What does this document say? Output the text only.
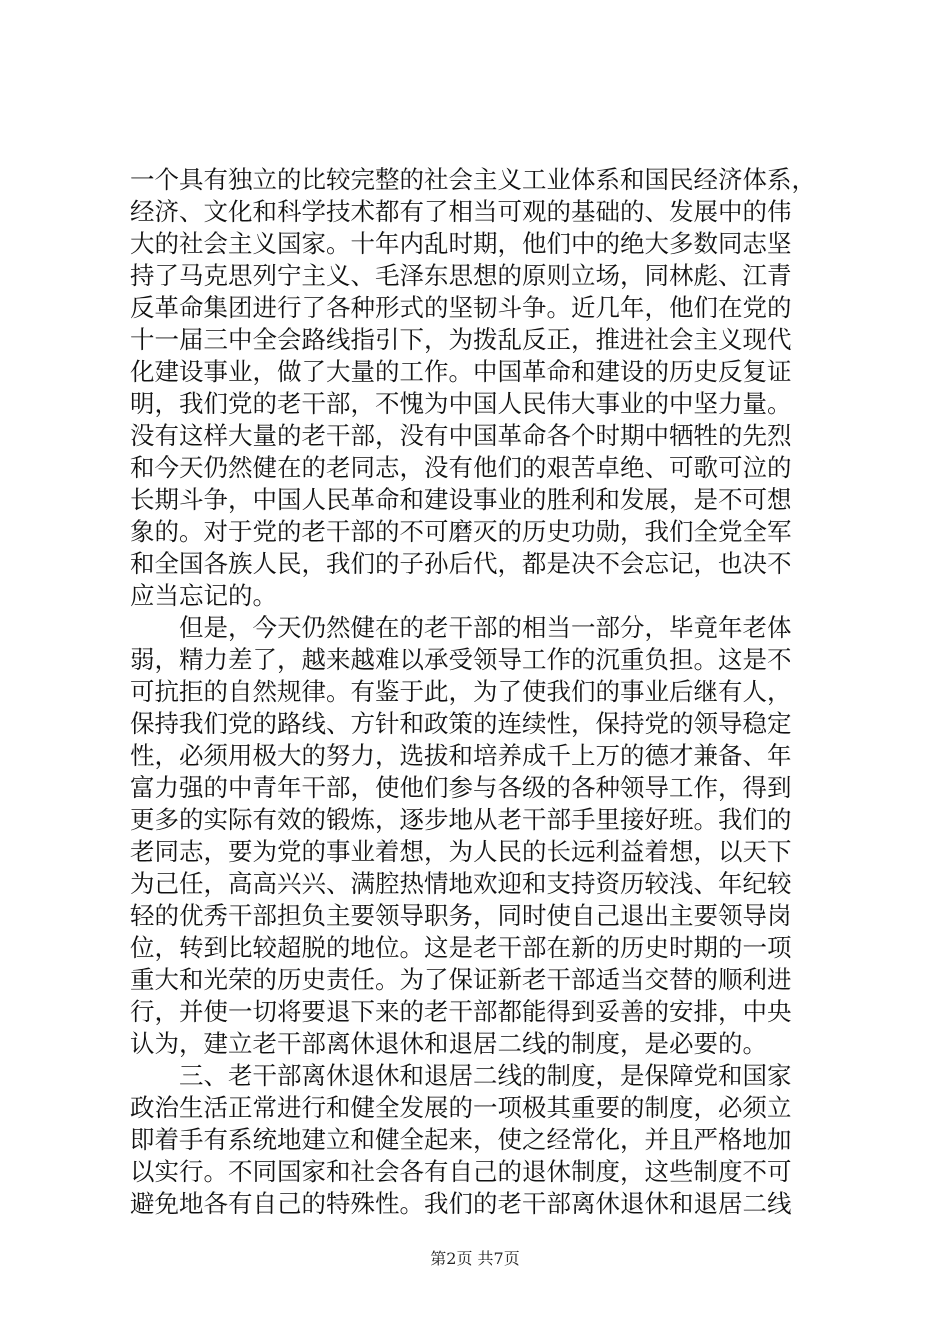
一个具有独立的比较完整的社会主义工业体系和国民经济体系，
经济、文化和科学技术都有了相当可观的基础的、发展中的伟
大的社会主义国家。十年内乱时期，他们中的绝大多数同志坚
持了马克思列宁主义、毛泽东思想的原则立场，同林彪、江青
反革命集团进行了各种形式的坚韧斗争。近几年，他们在党的
十一届三中全会路线指引下，为拨乱反正，推进社会主义现代
化建设事业，做了大量的工作。中国革命和建设的历史反复证
明，我们党的老干部，不愧为中国人民伟大事业的中坚力量。
没有这样大量的老干部，没有中国革命各个时期中牺牲的先烈
和今天仍然健在的老同志，没有他们的艰苦卓绝、可歌可泣的
长期斗争，中国人民革命和建设事业的胜利和发展，是不可想
象的。对于党的老干部的不可磨灭的历史功勋，我们全党全军
和全国各族人民，我们的子孙后代，都是决不会忘记，也决不
应当忘记的。
但是，今天仍然健在的老干部的相当一部分，毕竟年老体
弱，精力差了，越来越难以承受领导工作的沉重负担。这是不
可抗拒的自然规律。有鉴于此，为了使我们的事业后继有人，
保持我们党的路线、方针和政策的连续性，保持党的领导稳定
性，必须用极大的努力，选拔和培养成千上万的德才兼备、年
富力强的中青年干部，使他们参与各级的各种领导工作，得到
更多的实际有效的锻炼，逐步地从老干部手里接好班。我们的
老同志，要为党的事业着想，为人民的长远利益着想，以天下
为己任，高高兴兴、满腔热情地欢迎和支持资历较浅、年纪较
轻的优秀干部担负主要领导职务，同时使自己退出主要领导岗
位，转到比较超脱的地位。这是老干部在新的历史时期的一项
重大和光荣的历史责任。为了保证新老干部适当交替的顺利进
行，并使一切将要退下来的老干部都能得到妥善的安排，中央
认为，建立老干部离休退休和退居二线的制度，是必要的。
三、老干部离休退休和退居二线的制度，是保障党和国家
政治生活正常进行和健全发展的一项极其重要的制度，必须立
即着手有系统地建立和健全起来，使之经常化，并且严格地加
以实行。不同国家和社会各有自己的退休制度，这些制度不可
避免地各有自己的特殊性。我们的老干部离休退休和退居二线
第2页 共7页
